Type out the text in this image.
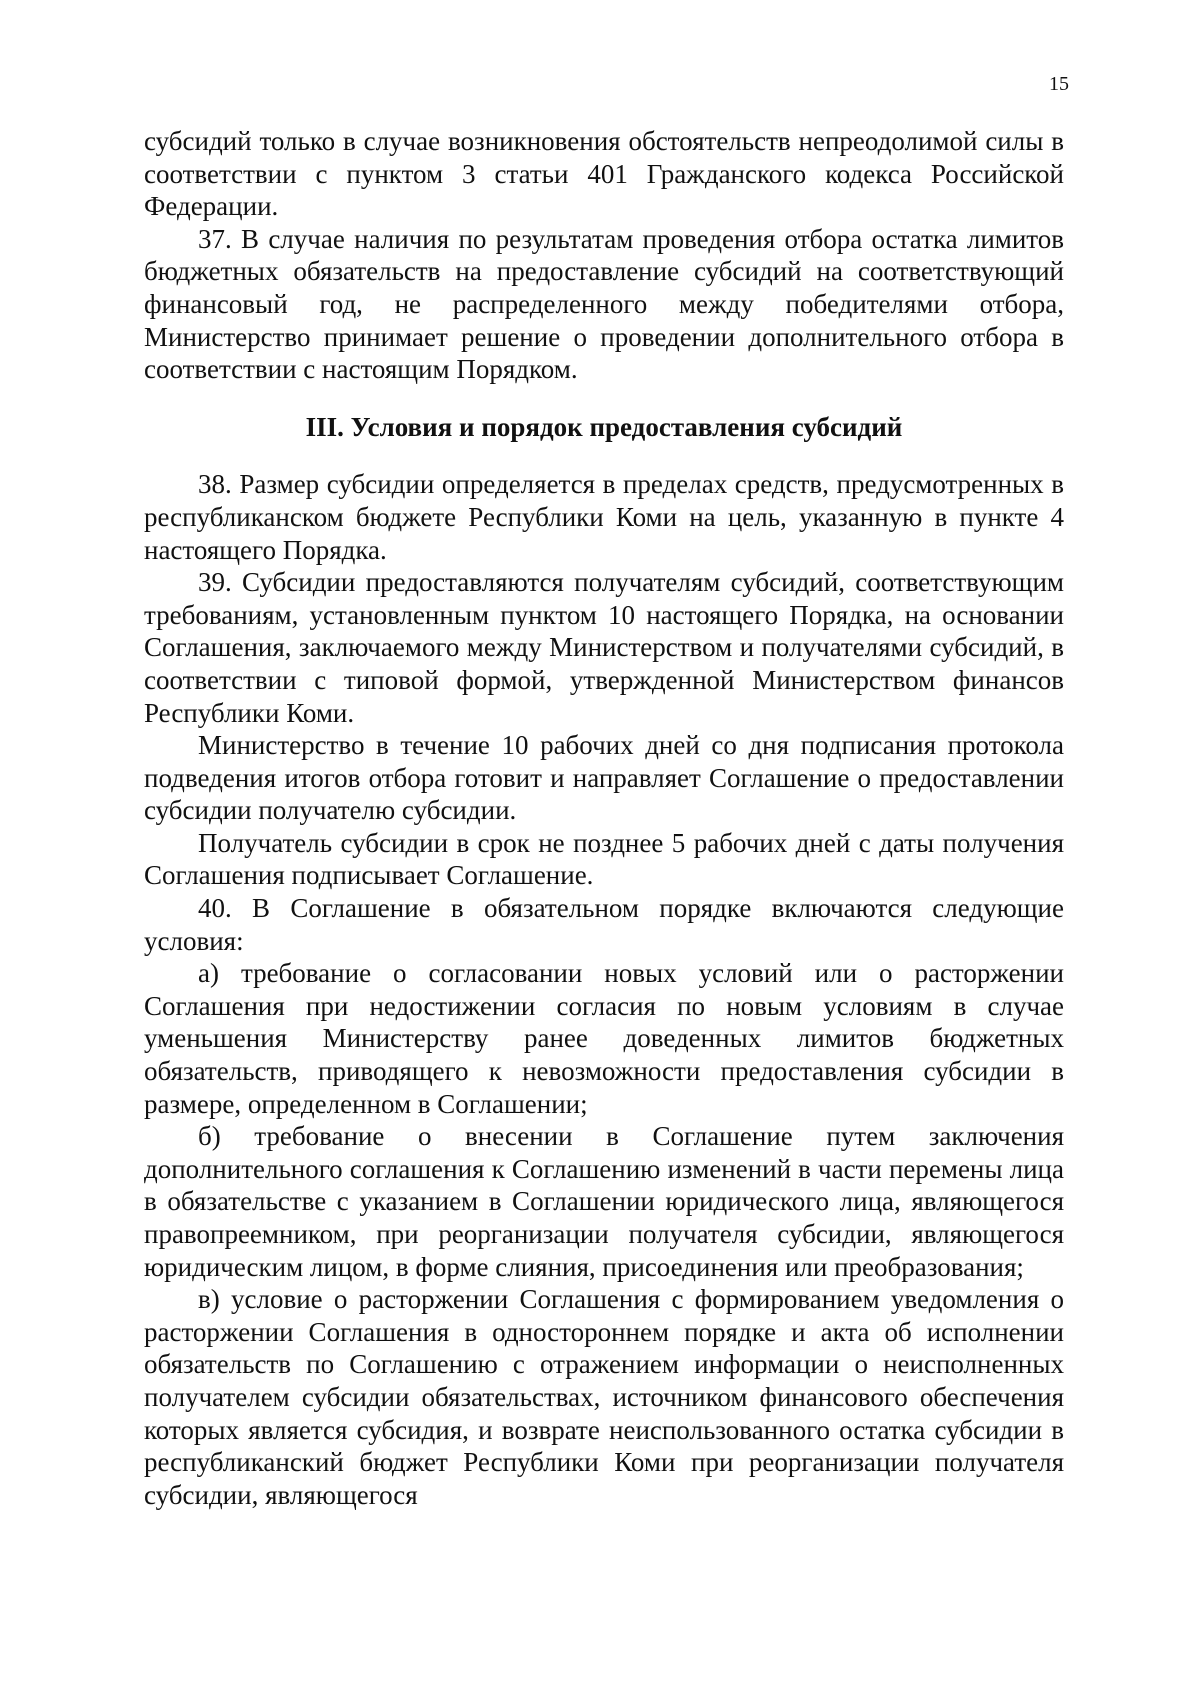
15

субсидий только в случае возникновения обстоятельств непреодолимой силы в соответствии с пунктом 3 статьи 401 Гражданского кодекса Российской Федерации.

37. В случае наличия по результатам проведения отбора остатка лимитов бюджетных обязательств на предоставление субсидий на соответствующий финансовый год, не распределенного между победителями отбора, Министерство принимает решение о проведении дополнительного отбора в соответствии с настоящим Порядком.

III. Условия и порядок предоставления субсидий

38. Размер субсидии определяется в пределах средств, предусмотренных в республиканском бюджете Республики Коми на цель, указанную в пункте 4 настоящего Порядка.

39. Субсидии предоставляются получателям субсидий, соответствующим требованиям, установленным пунктом 10 настоящего Порядка, на основании Соглашения, заключаемого между Министерством и получателями субсидий, в соответствии с типовой формой, утвержденной Министерством финансов Республики Коми.

Министерство в течение 10 рабочих дней со дня подписания протокола подведения итогов отбора готовит и направляет Соглашение о предоставлении субсидии получателю субсидии.

Получатель субсидии в срок не позднее 5 рабочих дней с даты получения Соглашения подписывает Соглашение.

40. В Соглашение в обязательном порядке включаются следующие условия:

а) требование о согласовании новых условий или о расторжении Соглашения при недостижении согласия по новым условиям в случае уменьшения Министерству ранее доведенных лимитов бюджетных обязательств, приводящего к невозможности предоставления субсидии в размере, определенном в Соглашении;

б) требование о внесении в Соглашение путем заключения дополнительного соглашения к Соглашению изменений в части перемены лица в обязательстве с указанием в Соглашении юридического лица, являющегося правопреемником, при реорганизации получателя субсидии, являющегося юридическим лицом, в форме слияния, присоединения или преобразования;

в) условие о расторжении Соглашения с формированием уведомления о расторжении Соглашения в одностороннем порядке и акта об исполнении обязательств по Соглашению с отражением информации о неисполненных получателем субсидии обязательствах, источником финансового обеспечения которых является субсидия, и возврате неиспользованного остатка субсидии в республиканский бюджет Республики Коми при реорганизации получателя субсидии, являющегося
